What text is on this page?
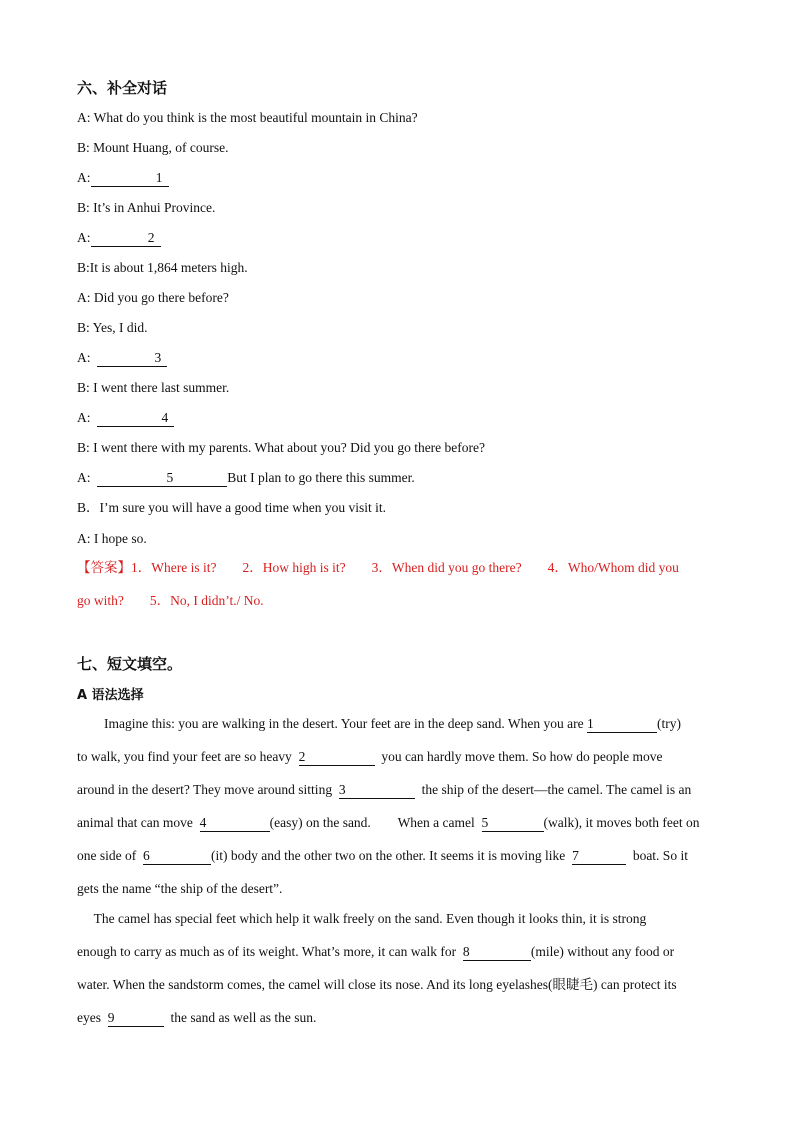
六、补全对话
A: What do you think is the most beautiful mountain in China?
B: Mount Huang, of course.
A:	1
B: It’s in Anhui Province.
A:	2
B:It is about 1,864 meters high.
A: Did you go there before?
B: Yes, I did.
A:	3
B: I went there last summer.
A:	4
B: I went there with my parents. What about you? Did you go there before?
A:	5	But I plan to go there this summer.
B．I’m sure you will have a good time when you visit it.
A: I hope so.
【答案】1．Where is it? 2．How high is it? 3．When did you go there? 4．Who/Whom did you
go with? 5．No, I didn’t./ No.
七、短文填空。
A 语法选择
Imagine this: you are walking in the desert. Your feet are in the deep sand. When you are 1	(try)
to walk, you find your feet are so heavy  2	you can hardly move them. So how do people move
around in the desert? They move around sitting  3	the ship of the desert—the camel. The camel is an
animal that can move  4	(easy) on the sand.        When a camel  5	(walk), it moves both feet on
one side of  6	(it) body and the other two on the other. It seems it is moving like  7	boat. So it
gets the name “the ship of the desert”.
The camel has special feet which help it walk freely on the sand. Even though it looks thin, it is strong
enough to carry as much as of its weight. What’s more, it can walk for  8	(mile) without any food or
water. When the sandstorm comes, the camel will close its nose. And its long eyelashes(眼睫毛) can protect its
eyes  9	the sand as well as the sun.
